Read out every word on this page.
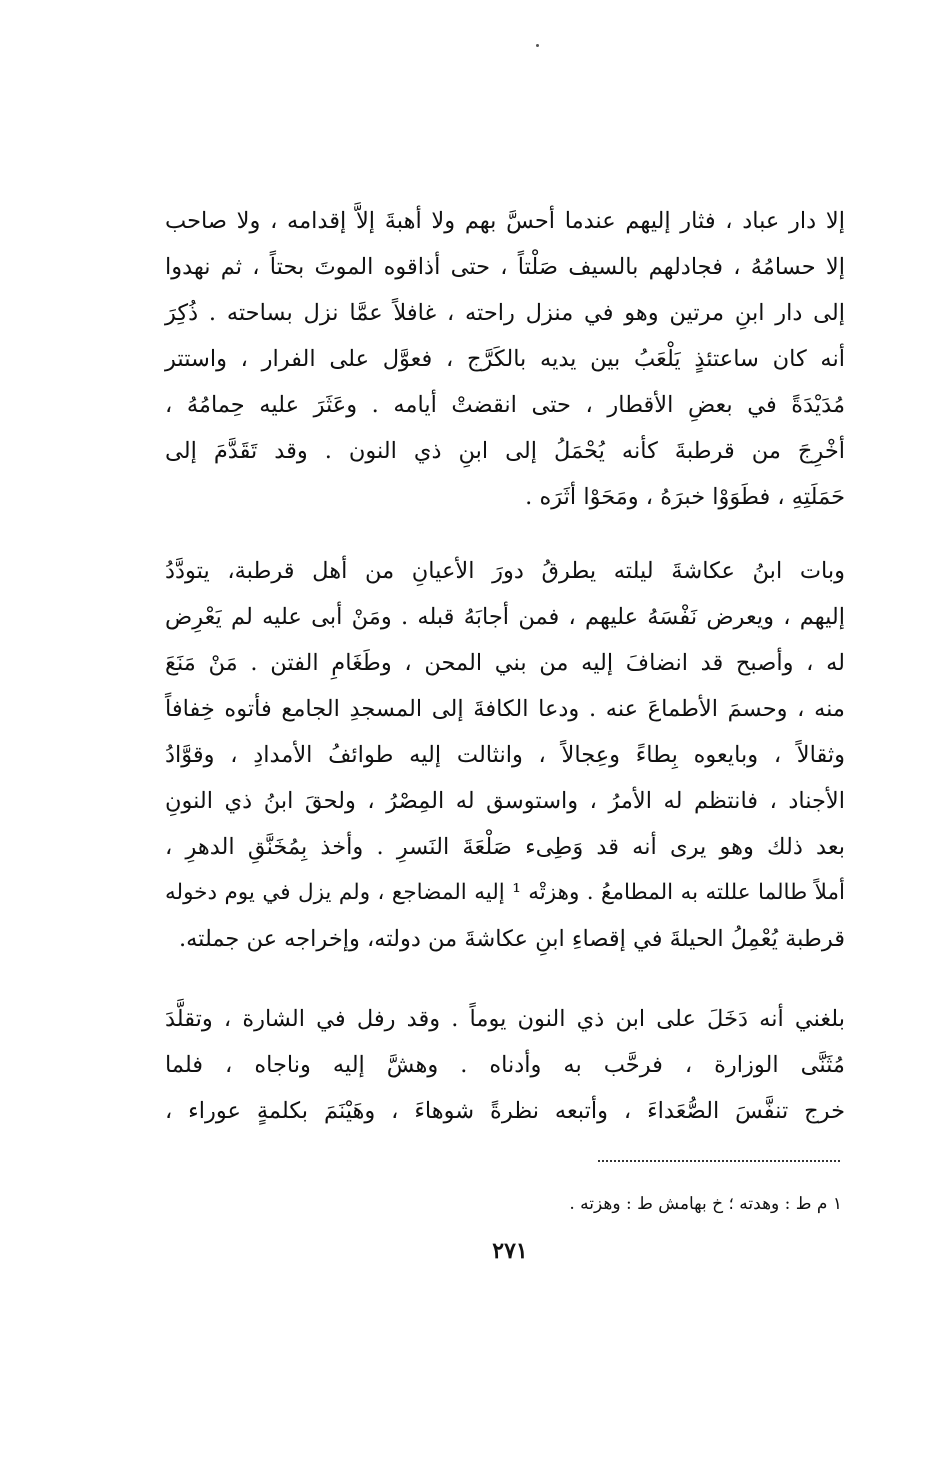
إلا دار عباد ، فثار إليهم عندما أحسَّ بهم ولا أهبةَ إلاَّ إقدامه ، ولا صاحب
إلا حسامُهُ ، فجادلهم بالسيف صَلْتاً ، حتى أذاقوه الموتَ بحتاً ، ثم نهدوا
إلى دار ابنِ مرتين وهو في منزل راحته ، غافلاً عمَّا نزل بساحته . ذُكِرَ
أنه كان ساعتئذٍ يَلْعَبُ بين يديه بالكَرَّج ، فعوَّل على الفرار ، واستتر
مُدَيْدَةً في بعضِ الأقطار ، حتى انقضتْ أيامه . وعَثَرَ عليه حِمامُهُ ،
أخْرِجَ من قرطبةَ كأنه يُحْمَلُ إلى ابنِ ذي النون . وقد تَقَدَّمَ إلى
حَمَلَتِهِ ، فطَوَوْا خبرَهُ ، ومَحَوْا أثَرَه .
وبات ابنُ عكاشةَ ليلته يطرقُ دورَ الأعيانِ من أهل قرطبة، يتودَّدُ
إليهم ، ويعرض نَفْسَهُ عليهم ، فمن أجابَهُ قبله . ومَنْ أبى عليه لم يَعْرِض
له ، وأصبح قد انضافَ إليه من بني المحن ، وطَغَامِ الفتن . مَنْ مَنَعَ
منه ، وحسمَ الأطماعَ عنه . ودعا الكافةَ إلى المسجدِ الجامع فأتوه خِفافاً
وثقالاً ، وبايعوه بِطاءً وعِجالاً ، وانثالت إليه طوائفُ الأمدادِ ، وقوَّادُ
الأجناد ، فانتظم له الأمرُ ، واستوسق له المِصْرُ ، ولحقَ ابنُ ذي النونِ
بعد ذلك وهو يرى أنه قد وَطِىء صَلْعَةَ النَسرِ . وأخذ بِمُخَنَّقِ الدهرِ ،
أملاً طالما عللته به المطامعُ . وهزتْه ¹ إليه المضاجع ، ولم يزل في يوم دخوله
قرطبة يُعْمِلُ الحيلةَ في إقصاءِ ابنِ عكاشةَ من دولته، وإخراجه عن جملته.
بلغني أنه دَخَلَ على ابن ذي النون يوماً . وقد رفل في الشارة ، وتقلَّدَ
مُثَنَّى الوزارة ، فرحَّب به وأدناه . وهشَّ إليه وناجاه ، فلما
خرج تنفَّسَ الصُّعَداءَ ، وأتبعه نظرةً شوهاءَ ، وهَيْنَمَ بكلمةٍ عوراء ،
١ م ط : وهدته ؛ خ بهامش ط : وهزته .
٢٧١
